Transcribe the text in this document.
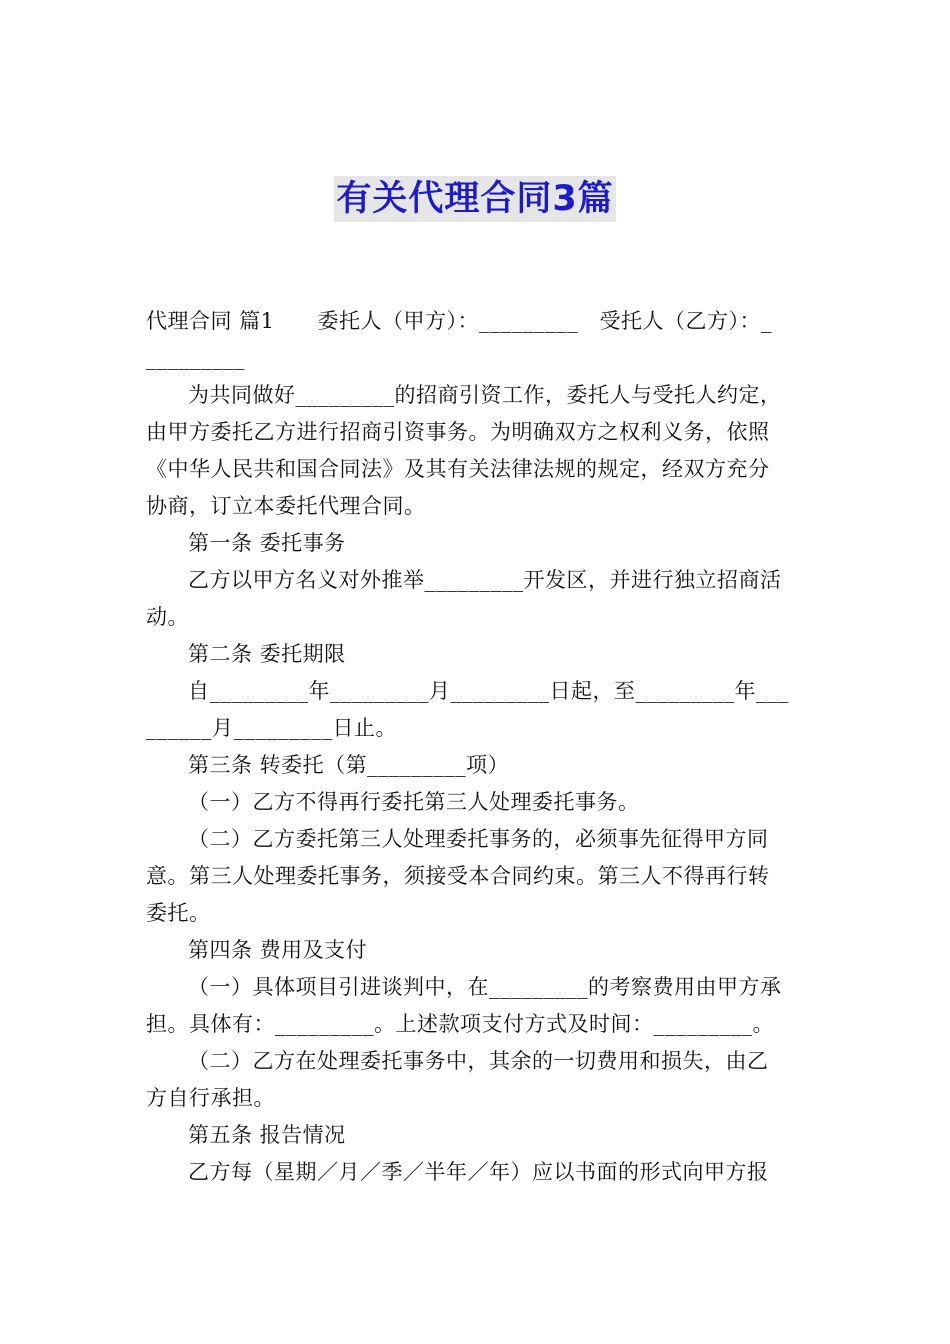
有关代理合同3篇

代理合同 篇1　　委托人（甲方）：_________　受托人（乙方）：_

_________

为共同做好_________的招商引资工作，委托人与受托人约定，

由甲方委托乙方进行招商引资事务。为明确双方之权利义务，依照

《中华人民共和国合同法》及其有关法律法规的规定，经双方充分

协商，订立本委托代理合同。

第一条 委托事务

乙方以甲方名义对外推举_________开发区，并进行独立招商活

动。

第二条 委托期限

自_________年_________月_________日起，至_________年___

______月_________日止。

第三条 转委托（第_________项）

（一）乙方不得再行委托第三人处理委托事务。

（二）乙方委托第三人处理委托事务的，必须事先征得甲方同

意。第三人处理委托事务，须接受本合同约束。第三人不得再行转

委托。

第四条 费用及支付

（一）具体项目引进谈判中，在_________的考察费用由甲方承

担。具体有：_________。上述款项支付方式及时间：_________。

（二）乙方在处理委托事务中，其余的一切费用和损失，由乙

方自行承担。

第五条 报告情况

乙方每（星期／月／季／半年／年）应以书面的形式向甲方报
